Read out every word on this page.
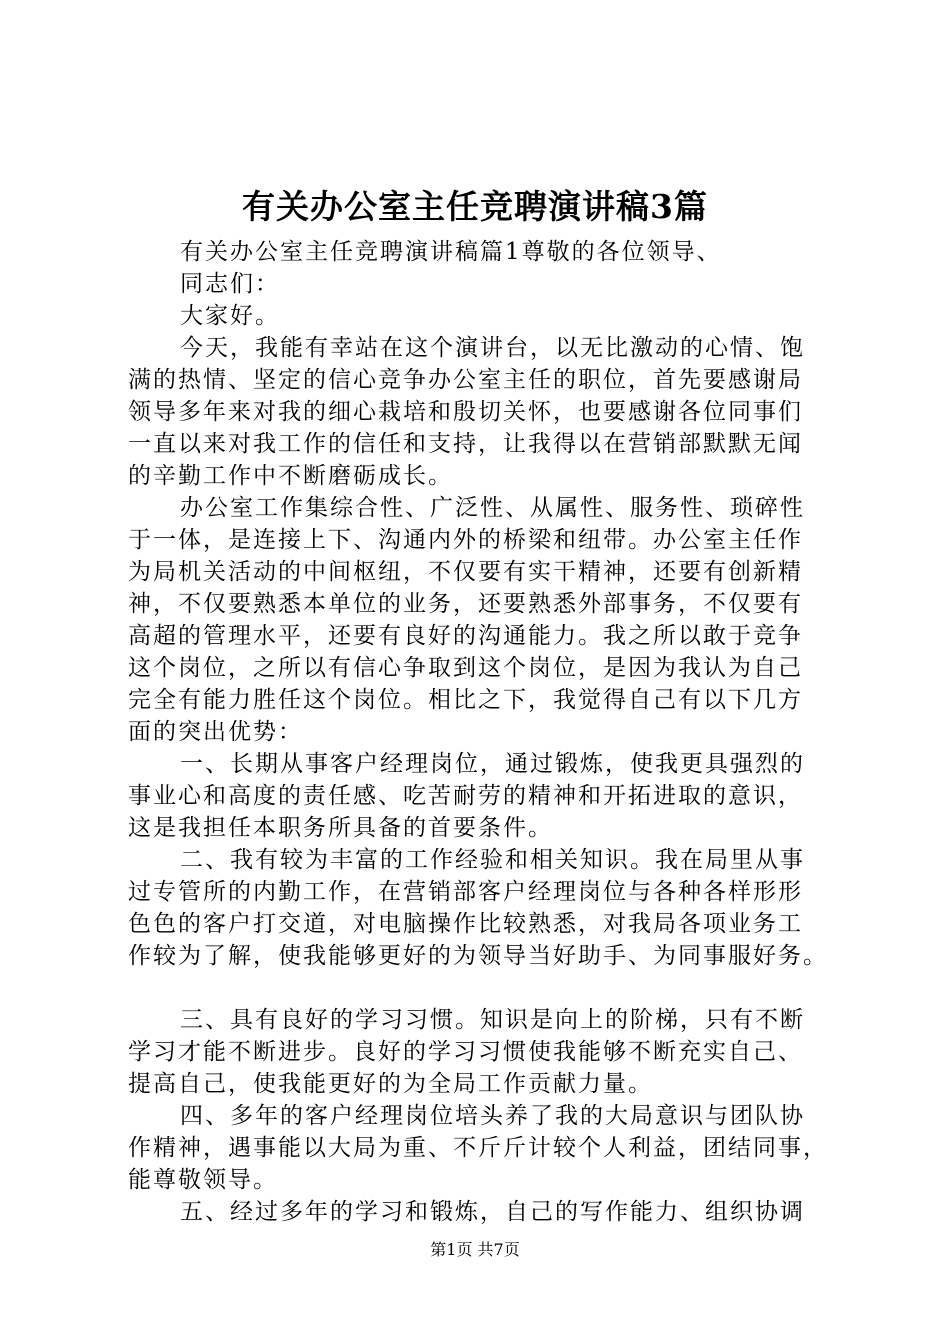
有关办公室主任竞聘演讲稿3篇
有关办公室主任竞聘演讲稿篇1尊敬的各位领导、
同志们：
大家好。
今天，我能有幸站在这个演讲台，以无比激动的心情、饱
满的热情、坚定的信心竞争办公室主任的职位，首先要感谢局
领导多年来对我的细心栽培和殷切关怀，也要感谢各位同事们
一直以来对我工作的信任和支持，让我得以在营销部默默无闻
的辛勤工作中不断磨砺成长。
办公室工作集综合性、广泛性、从属性、服务性、琐碎性
于一体，是连接上下、沟通内外的桥梁和纽带。办公室主任作
为局机关活动的中间枢纽，不仅要有实干精神，还要有创新精
神，不仅要熟悉本单位的业务，还要熟悉外部事务，不仅要有
高超的管理水平，还要有良好的沟通能力。我之所以敢于竞争
这个岗位，之所以有信心争取到这个岗位，是因为我认为自己
完全有能力胜任这个岗位。相比之下，我觉得自己有以下几方
面的突出优势：
一、长期从事客户经理岗位，通过锻炼，使我更具强烈的
事业心和高度的责任感、吃苦耐劳的精神和开拓进取的意识，
这是我担任本职务所具备的首要条件。
二、我有较为丰富的工作经验和相关知识。我在局里从事
过专管所的内勤工作，在营销部客户经理岗位与各种各样形形
色色的客户打交道，对电脑操作比较熟悉，对我局各项业务工
作较为了解，使我能够更好的为领导当好助手、为同事服好务。
三、具有良好的学习习惯。知识是向上的阶梯，只有不断
学习才能不断进步。良好的学习习惯使我能够不断充实自己、
提高自己，使我能更好的为全局工作贡献力量。
四、多年的客户经理岗位培头养了我的大局意识与团队协
作精神，遇事能以大局为重、不斤斤计较个人利益，团结同事，
能尊敬领导。
五、经过多年的学习和锻炼，自己的写作能力、组织协调
第1页 共7页
